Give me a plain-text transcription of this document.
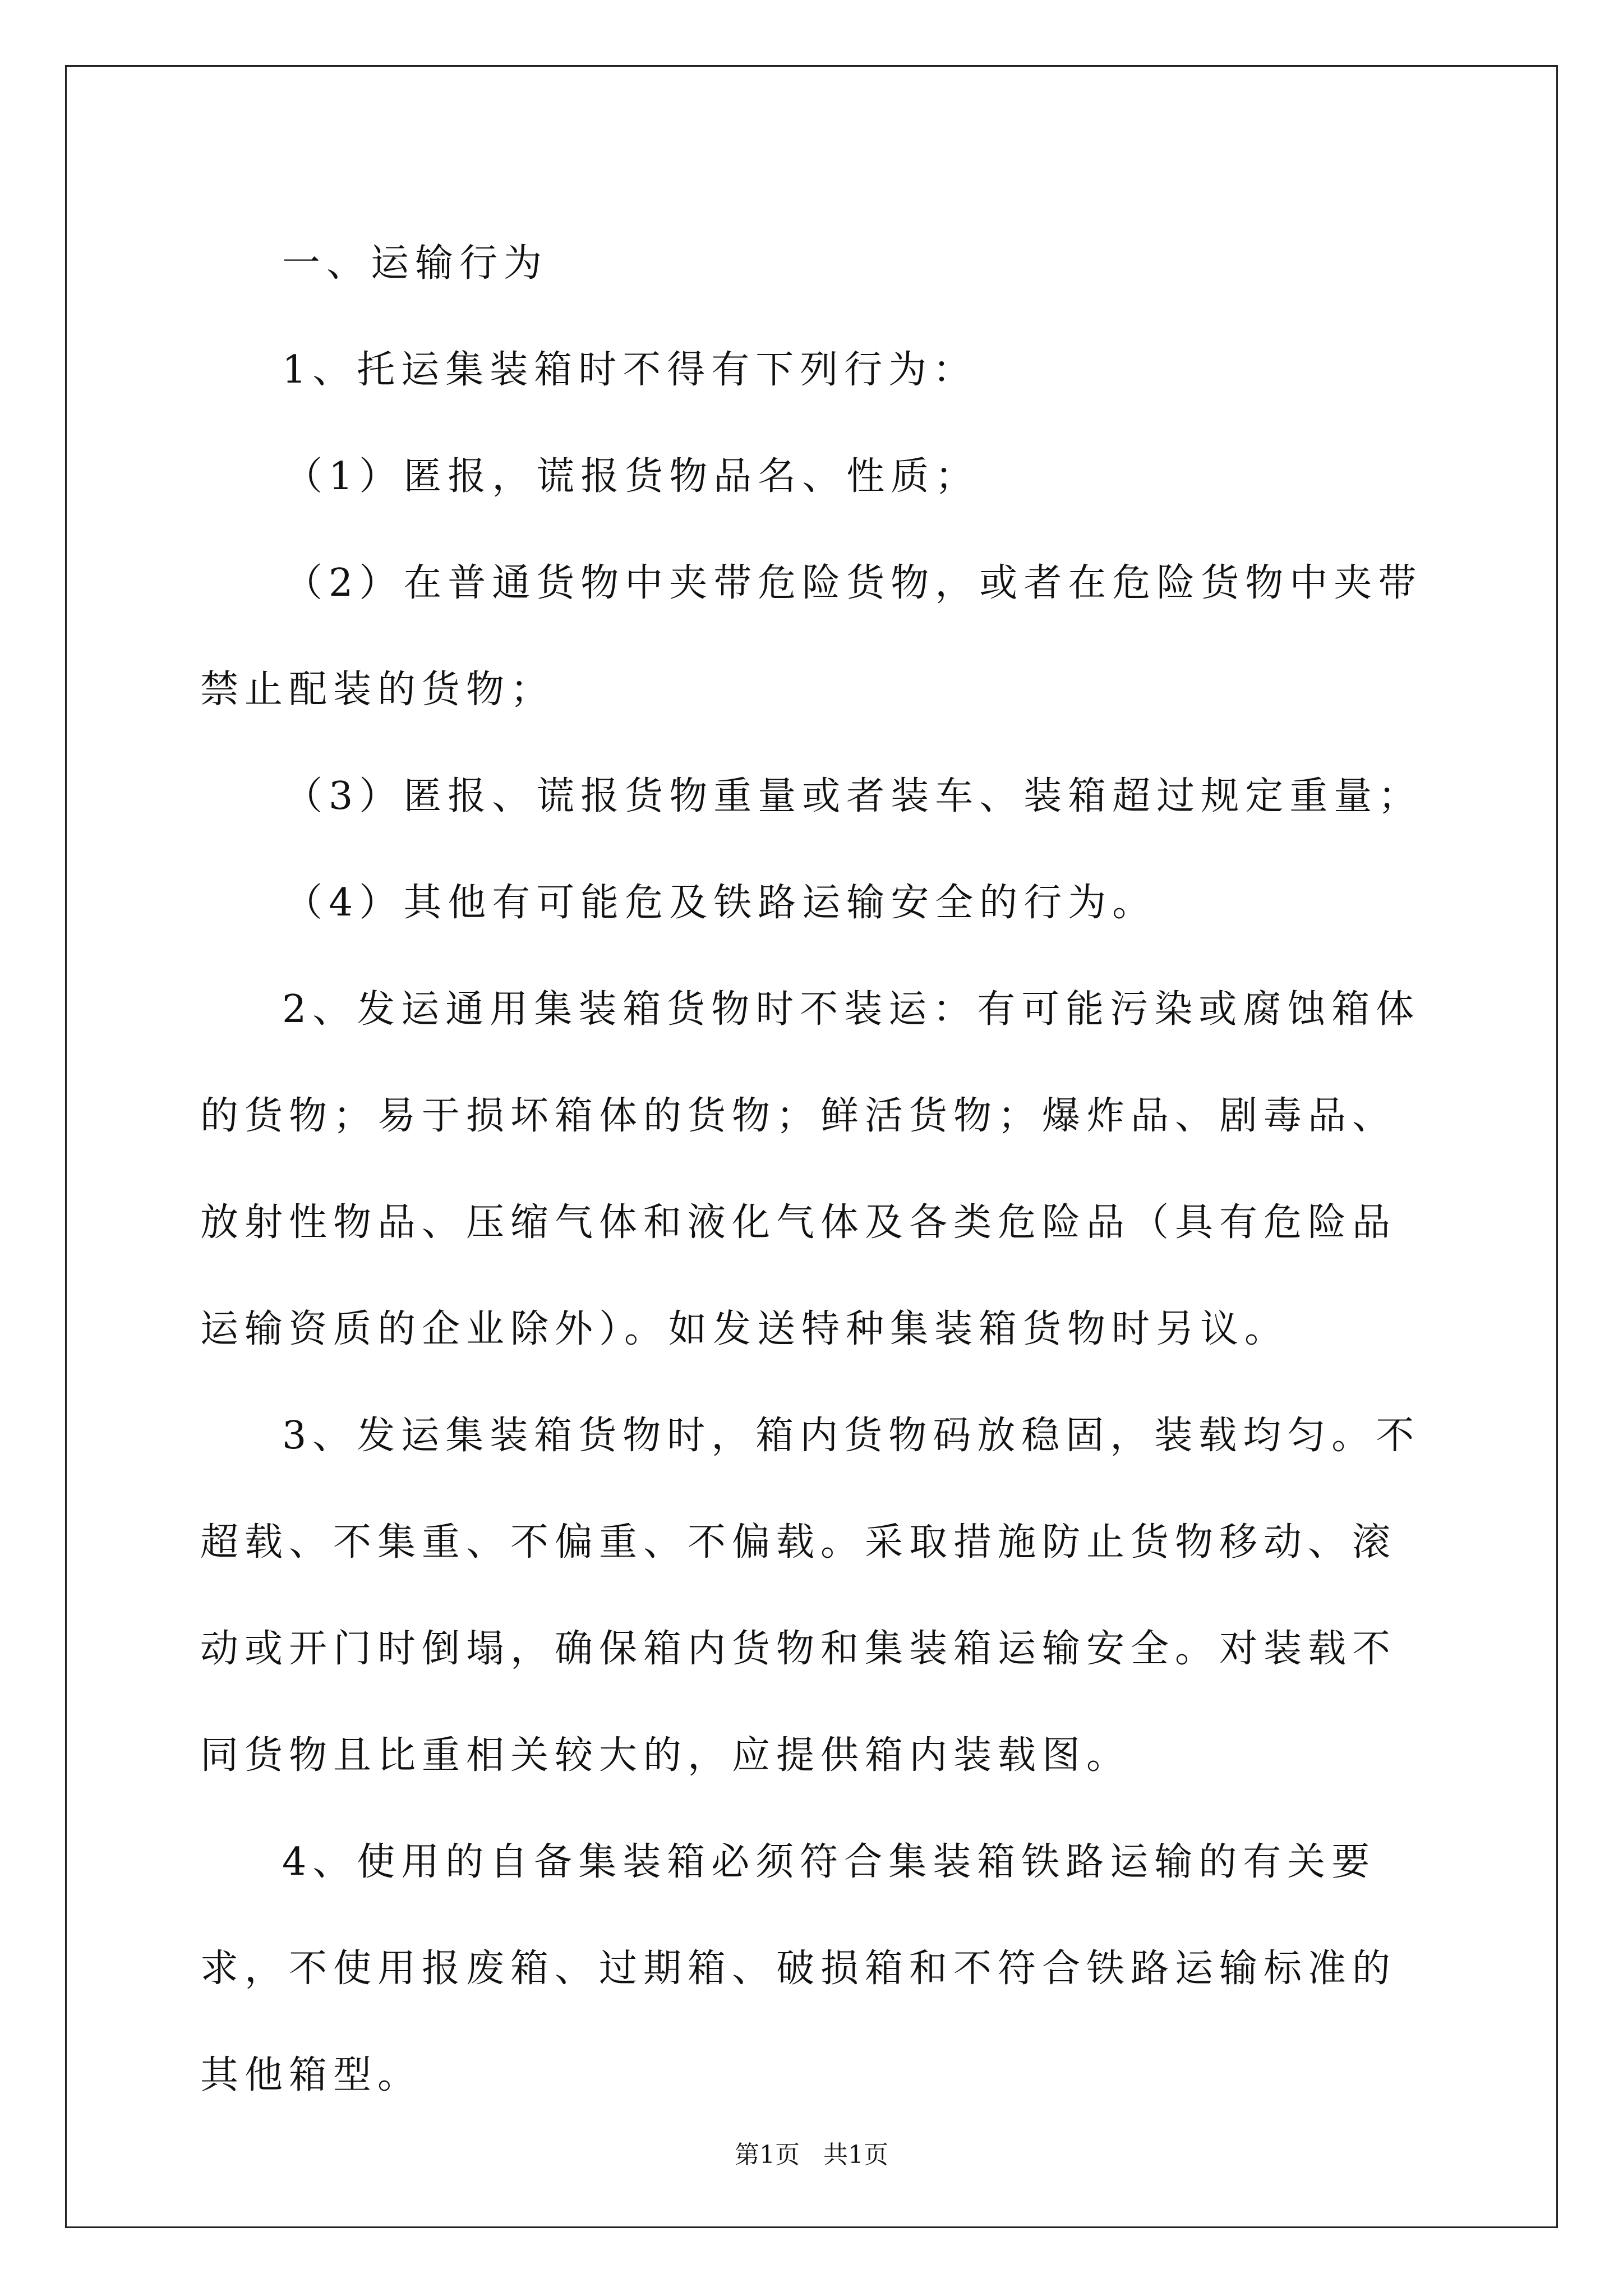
一、运输行为

1、托运集装箱时不得有下列行为：

（1）匿报，谎报货物品名、性质；

（2）在普通货物中夹带危险货物，或者在危险货物中夹带禁止配装的货物；

（3）匿报、谎报货物重量或者装车、装箱超过规定重量；

（4）其他有可能危及铁路运输安全的行为。

2、发运通用集装箱货物时不装运：有可能污染或腐蚀箱体的货物；易于损坏箱体的货物；鲜活货物；爆炸品、剧毒品、放射性物品、压缩气体和液化气体及各类危险品（具有危险品运输资质的企业除外）。如发送特种集装箱货物时另议。

3、发运集装箱货物时，箱内货物码放稳固，装载均匀。不超载、不集重、不偏重、不偏载。采取措施防止货物移动、滚动或开门时倒塌，确保箱内货物和集装箱运输安全。对装载不同货物且比重相关较大的，应提供箱内装载图。

4、使用的自备集装箱必须符合集装箱铁路运输的有关要求，不使用报废箱、过期箱、破损箱和不符合铁路运输标准的其他箱型。

第1页 共1页
